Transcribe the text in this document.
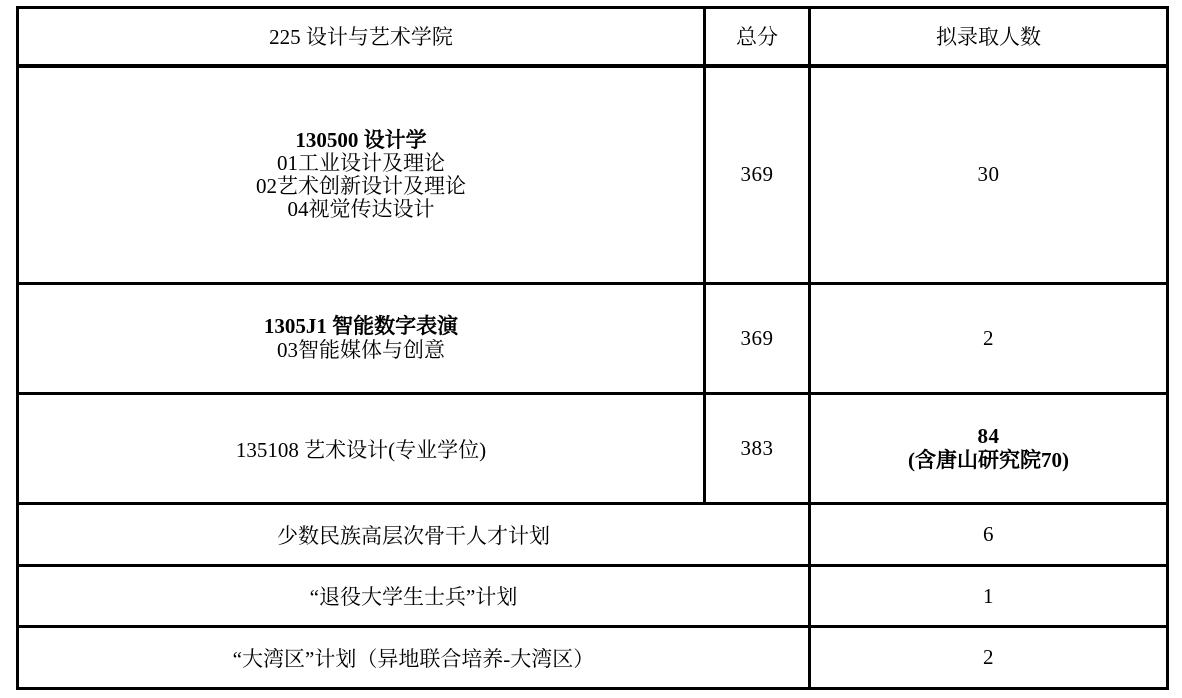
225 设计与艺术学院	总分	拟录取人数

130500 设计学
01工业设计及理论
02艺术创新设计及理论
04视觉传达设计	369	30

1305J1 智能数字表演
03智能媒体与创意	369	2
135108 艺术设计(专业学位)	383	84
(含唐山研究院70)

少数民族高层次骨干人才计划		6
“退役大学生士兵”计划		1
“大湾区”计划（异地联合培养-大湾区）		2
